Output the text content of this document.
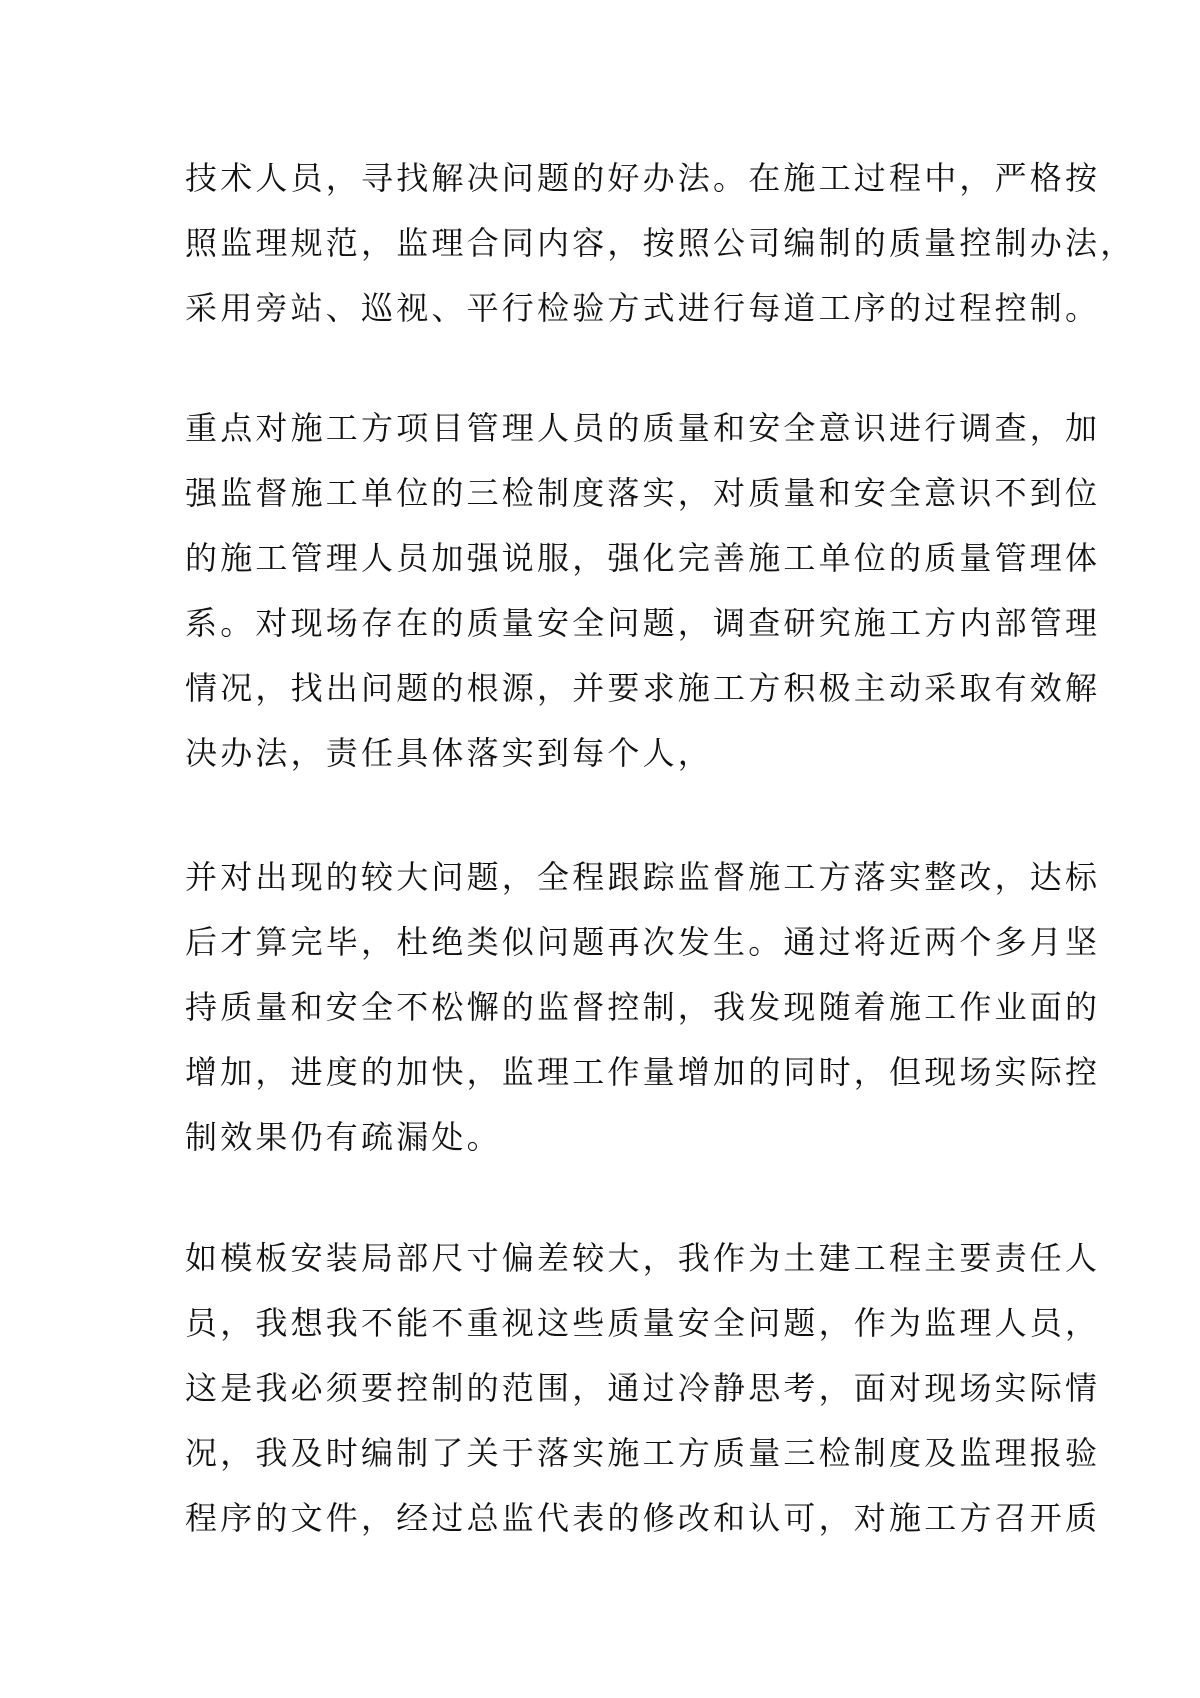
技术人员，寻找解决问题的好办法。在施工过程中，严格按
照监理规范，监理合同内容，按照公司编制的质量控制办法，
采用旁站、巡视、平行检验方式进行每道工序的过程控制。
重点对施工方项目管理人员的质量和安全意识进行调查，加
强监督施工单位的三检制度落实，对质量和安全意识不到位
的施工管理人员加强说服，强化完善施工单位的质量管理体
系。对现场存在的质量安全问题，调查研究施工方内部管理
情况，找出问题的根源，并要求施工方积极主动采取有效解
决办法，责任具体落实到每个人，
并对出现的较大问题，全程跟踪监督施工方落实整改，达标
后才算完毕，杜绝类似问题再次发生。通过将近两个多月坚
持质量和安全不松懈的监督控制，我发现随着施工作业面的
增加，进度的加快，监理工作量增加的同时，但现场实际控
制效果仍有疏漏处。
如模板安装局部尺寸偏差较大，我作为土建工程主要责任人
员，我想我不能不重视这些质量安全问题，作为监理人员，
这是我必须要控制的范围，通过冷静思考，面对现场实际情
况，我及时编制了关于落实施工方质量三检制度及监理报验
程序的文件，经过总监代表的修改和认可，对施工方召开质
